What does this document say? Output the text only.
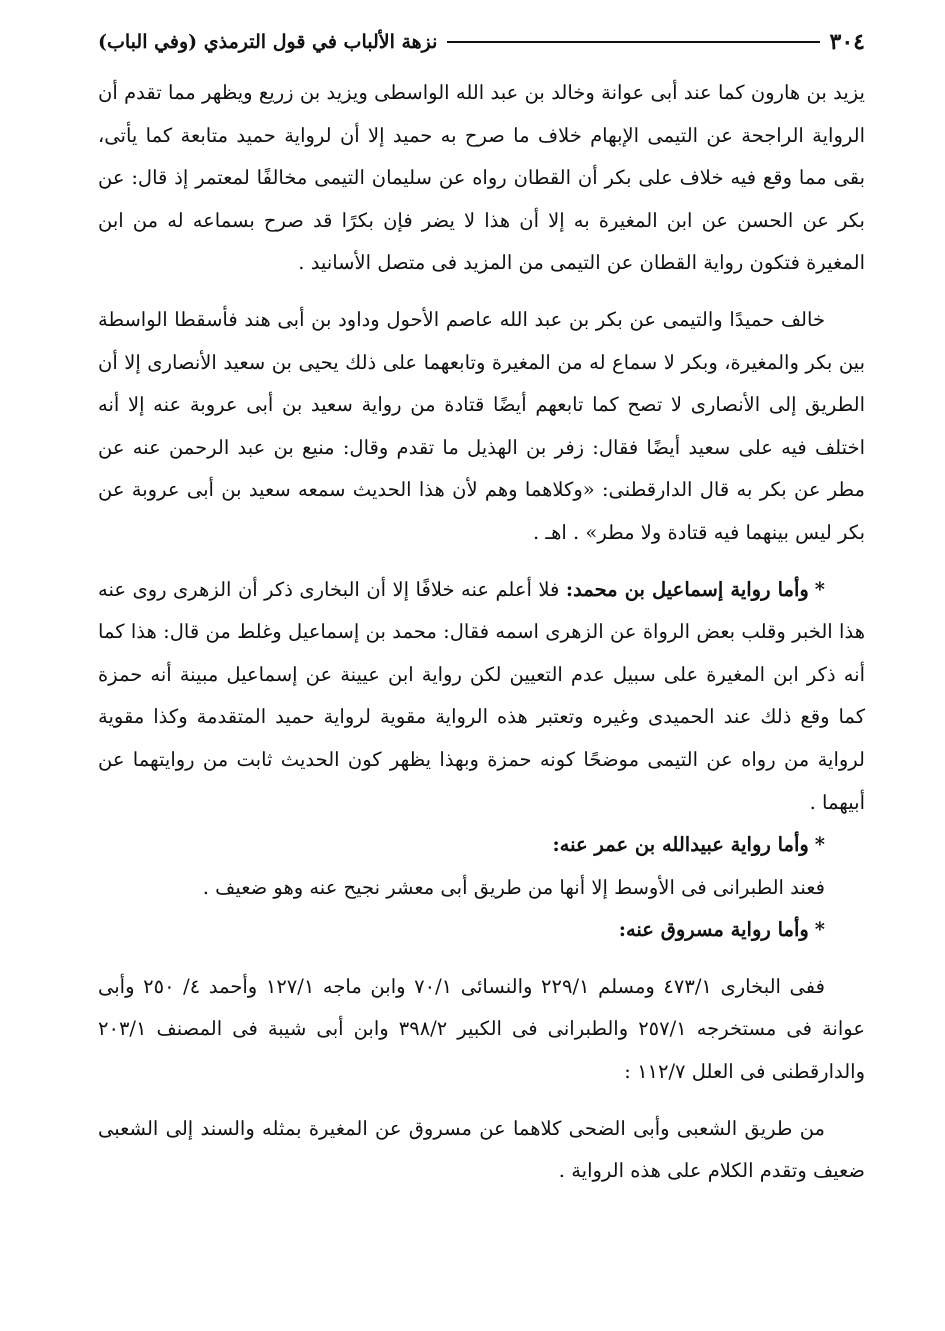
٣٠٤
نزهة الألباب في قول الترمذي (وفي الباب)

يزيد بن هارون كما عند أبى عوانة وخالد بن عبد الله الواسطى ويزيد بن زريع ويظهر مما تقدم أن الرواية الراجحة عن التيمى الإبهام خلاف ما صرح به حميد إلا أن لرواية حميد متابعة كما يأتى، بقى مما وقع فيه خلاف على بكر أن القطان رواه عن سليمان التيمى مخالفًا لمعتمر إذ قال: عن بكر عن الحسن عن ابن المغيرة به إلا أن هذا لا يضر فإن بكرًا قد صرح بسماعه له من ابن المغيرة فتكون رواية القطان عن التيمى من المزيد فى متصل الأسانيد .

خالف حميدًا والتيمى عن بكر بن عبد الله عاصم الأحول وداود بن أبى هند فأسقطا الواسطة بين بكر والمغيرة، وبكر لا سماع له من المغيرة وتابعهما على ذلك يحيى بن سعيد الأنصارى إلا أن الطريق إلى الأنصارى لا تصح كما تابعهم أيضًا قتادة من رواية سعيد بن أبى عروبة عنه إلا أنه اختلف فيه على سعيد أيضًا فقال: زفر بن الهذيل ما تقدم وقال: منيع بن عبد الرحمن عنه عن مطر عن بكر به قال الدارقطنى: «وكلاهما وهم لأن هذا الحديث سمعه سعيد بن أبى عروبة عن بكر ليس بينهما فيه قتادة ولا مطر» . اهـ .

*وأما رواية إسماعيل بن محمد: فلا أعلم عنه خلافًا إلا أن البخارى ذكر أن الزهرى روى عنه هذا الخبر وقلب بعض الرواة عن الزهرى اسمه فقال: محمد بن إسماعيل وغلط من قال: هذا كما أنه ذكر ابن المغيرة على سبيل عدم التعيين لكن رواية ابن عيينة عن إسماعيل مبينة أنه حمزة كما وقع ذلك عند الحميدى وغيره وتعتبر هذه الرواية مقوية لرواية حميد المتقدمة وكذا مقوية لرواية من رواه عن التيمى موضحًا كونه حمزة وبهذا يظهر كون الحديث ثابت من روايتهما عن أبيهما .

*وأما رواية عبيدالله بن عمر عنه:

فعند الطبرانى فى الأوسط إلا أنها من طريق أبى معشر نجيح عنه وهو ضعيف .

*وأما رواية مسروق عنه:

ففى البخارى ٤٧٣/١ ومسلم ٢٢٩/١ والنسائى ٧٠/١ وابن ماجه ١٢٧/١ وأحمد ٤/ ٢٥٠ وأبى عوانة فى مستخرجه ٢٥٧/١ والطبرانى فى الكبير ٣٩٨/٢ وابن أبى شيبة فى المصنف ٢٠٣/١ والدارقطنى فى العلل ١١٢/٧ :

من طريق الشعبى وأبى الضحى كلاهما عن مسروق عن المغيرة بمثله والسند إلى الشعبى ضعيف وتقدم الكلام على هذه الرواية .
